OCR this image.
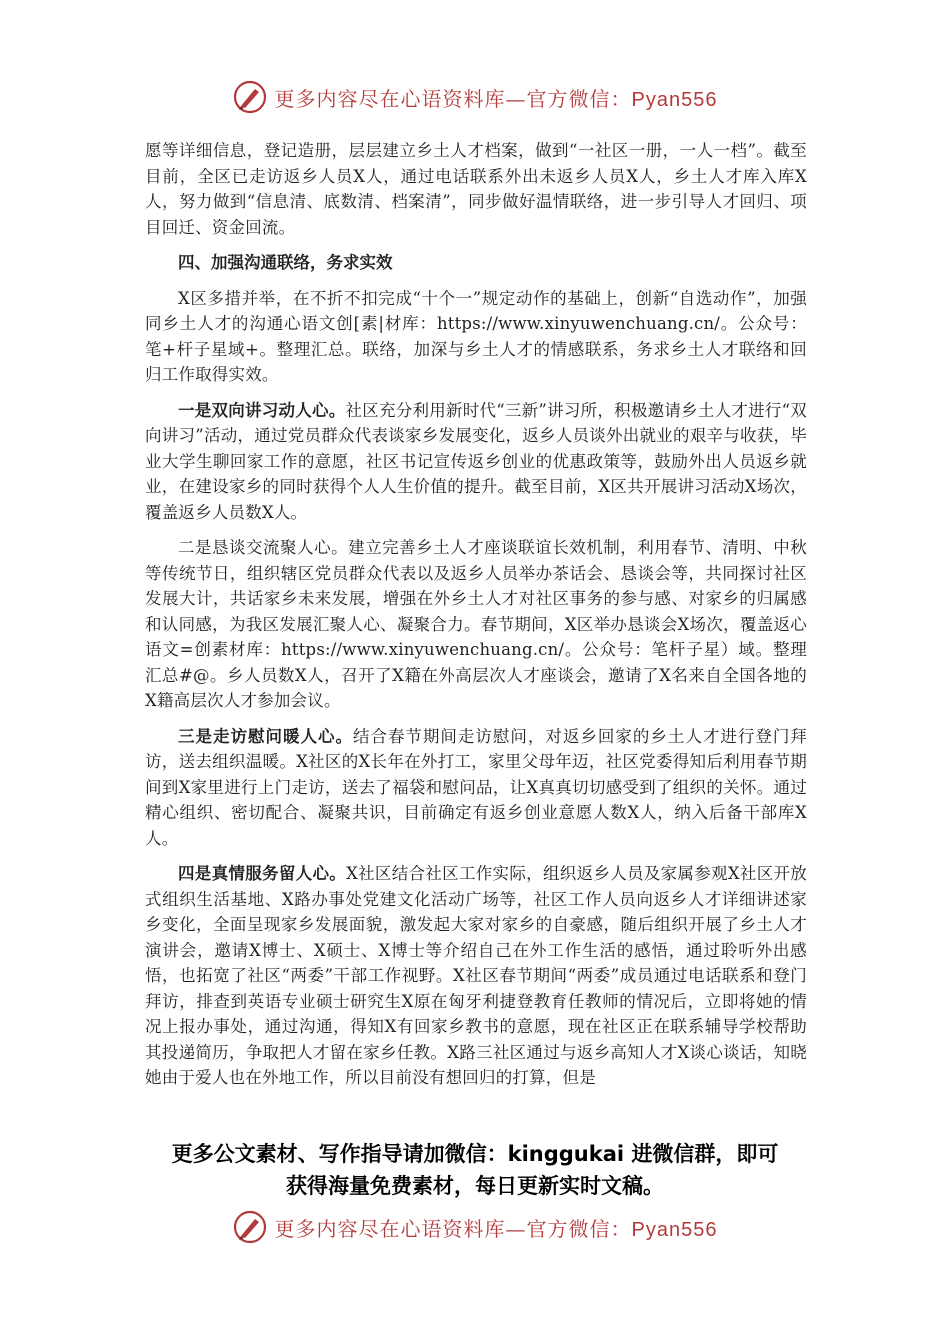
更多内容尽在心语资料库—官方微信：Pyan556

愿等详细信息，登记造册，层层建立乡土人才档案，做到“一社区一册，一人一档”。截至目前，全区已走访返乡人员X人，通过电话联系外出未返乡人员X人，乡土人才库入库X人，努力做到“信息清、底数清、档案清”，同步做好温情联络，进一步引导人才回归、项目回迁、资金回流。

四、加强沟通联络，务求实效

X区多措并举，在不折不扣完成“十个一”规定动作的基础上，创新“自选动作”，加强同乡土人才的沟通心语文创[素|材库：https://www.xinyuwenchuang.cn/。公众号：笔+杆子星域+。整理汇总。联络，加深与乡土人才的情感联系，务求乡土人才联络和回归工作取得实效。

一是双向讲习动人心。社区充分利用新时代“三新”讲习所，积极邀请乡土人才进行“双向讲习”活动，通过党员群众代表谈家乡发展变化，返乡人员谈外出就业的艰辛与收获，毕业大学生聊回家工作的意愿，社区书记宣传返乡创业的优惠政策等，鼓励外出人员返乡就业，在建设家乡的同时获得个人人生价值的提升。截至目前，X区共开展讲习活动X场次，覆盖返乡人员数X人。

二是恳谈交流聚人心。建立完善乡土人才座谈联谊长效机制，利用春节、清明、中秋等传统节日，组织辖区党员群众代表以及返乡人员举办茶话会、恳谈会等，共同探讨社区发展大计，共话家乡未来发展，增强在外乡土人才对社区事务的参与感、对家乡的归属感和认同感，为我区发展汇聚人心、凝聚合力。春节期间，X区举办恳谈会X场次，覆盖返心语文=创素材库：https://www.xinyuwenchuang.cn/。公众号：笔杆子星）域。整理汇总#@。乡人员数X人，召开了X籍在外高层次人才座谈会，邀请了X名来自全国各地的X籍高层次人才参加会议。

三是走访慰问暖人心。结合春节期间走访慰问，对返乡回家的乡土人才进行登门拜访，送去组织温暖。X社区的X长年在外打工，家里父母年迈，社区党委得知后利用春节期间到X家里进行上门走访，送去了福袋和慰问品，让X真真切切感受到了组织的关怀。通过精心组织、密切配合、凝聚共识，目前确定有返乡创业意愿人数X人，纳入后备干部库X人。

四是真情服务留人心。X社区结合社区工作实际，组织返乡人员及家属参观X社区开放式组织生活基地、X路办事处党建文化活动广场等，社区工作人员向返乡人才详细讲述家乡变化，全面呈现家乡发展面貌，激发起大家对家乡的自豪感，随后组织开展了乡土人才演讲会，邀请X博士、X硕士、X博士等介绍自己在外工作生活的感悟，通过聆听外出感悟，也拓宽了社区“两委”干部工作视野。X社区春节期间“两委”成员通过电话联系和登门拜访，排查到英语专业硕士研究生X原在匈牙利捷登教育任教师的情况后，立即将她的情况上报办事处，通过沟通，得知X有回家乡教书的意愿，现在社区正在联系辅导学校帮助其投递简历，争取把人才留在家乡任教。X路三社区通过与返乡高知人才X谈心谈话，知晓她由于爱人也在外地工作，所以目前没有想回归的打算，但是

更多公文素材、写作指导请加微信：kinggukai 进微信群，即可
获得海量免费素材，每日更新实时文稿。
更多内容尽在心语资料库—官方微信：Pyan556
